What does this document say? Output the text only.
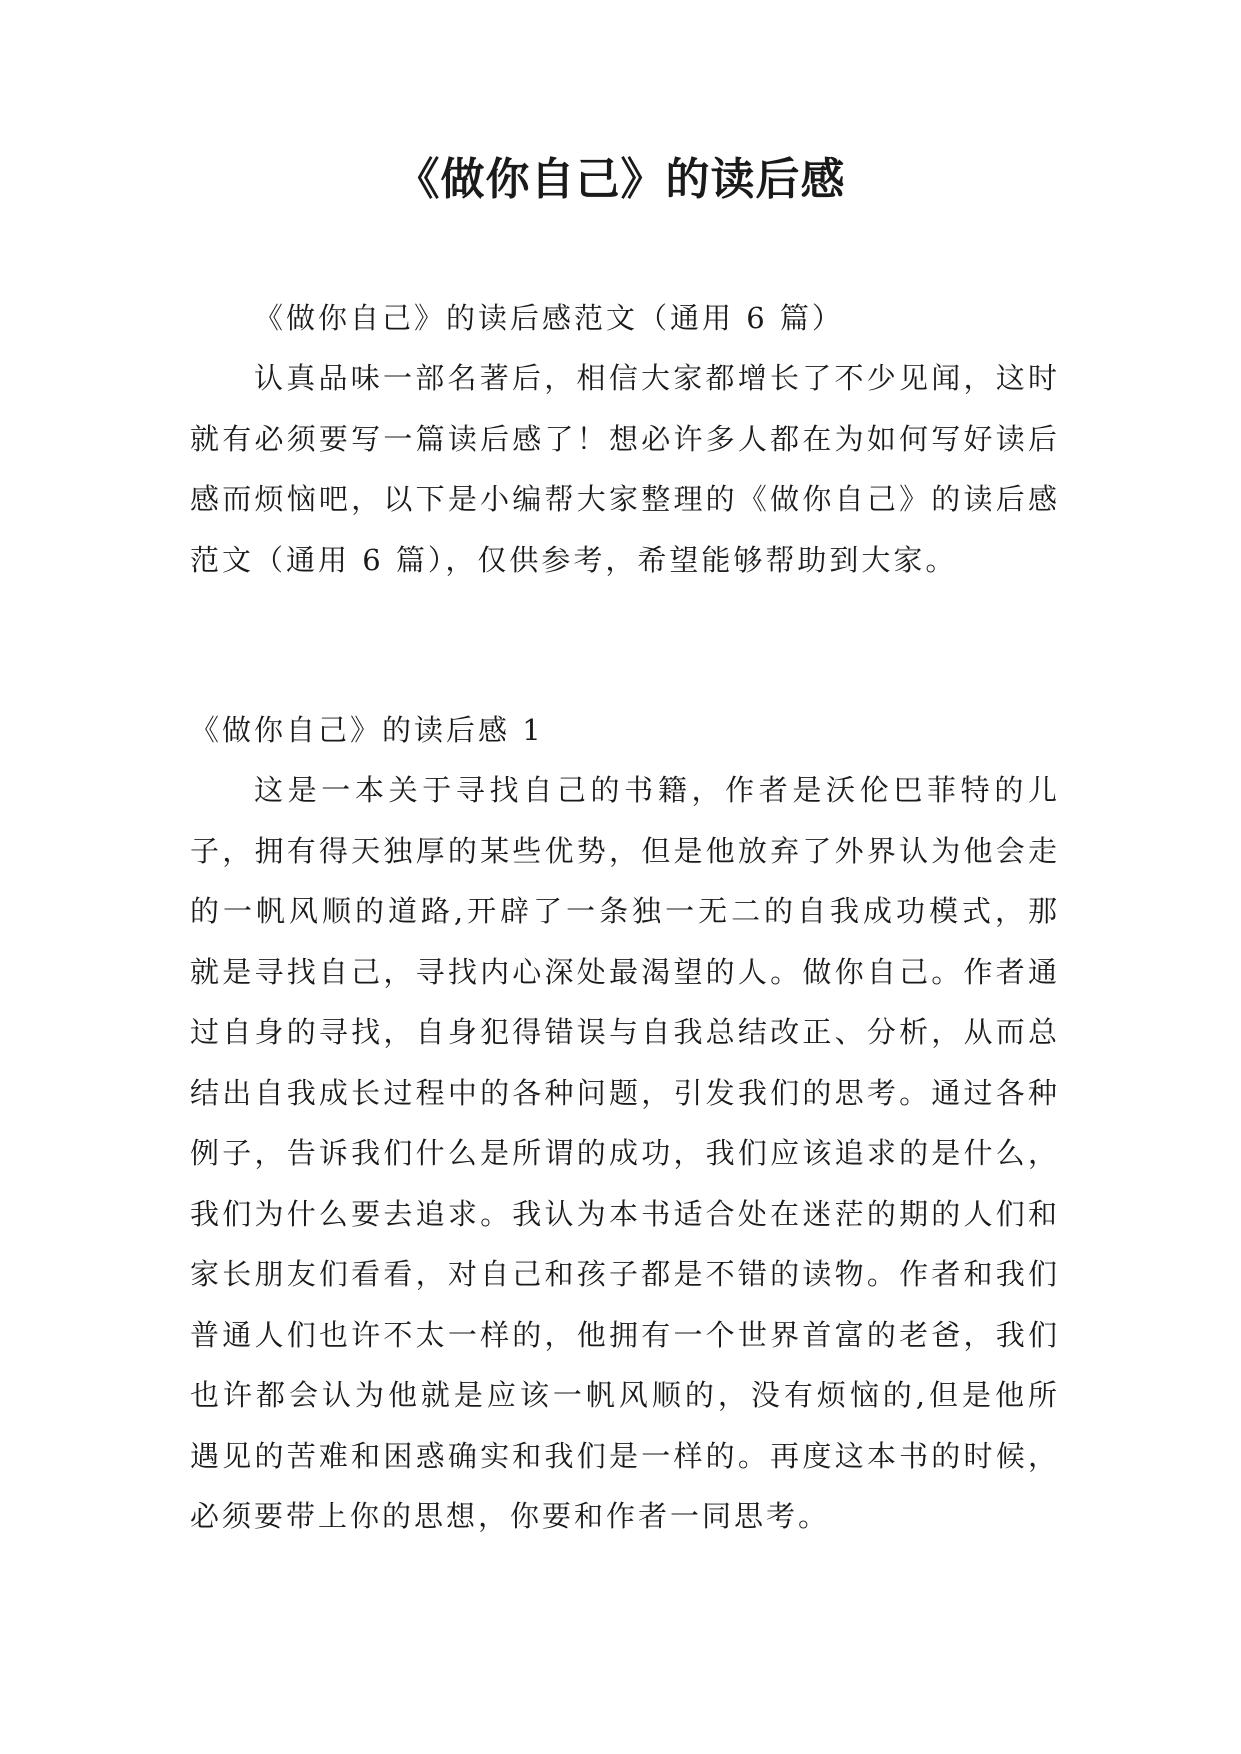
《做你自己》的读后感

《做你自己》的读后感范文（通用 6 篇）

认真品味一部名著后，相信大家都增长了不少见闻，这时就有必须要写一篇读后感了！想必许多人都在为如何写好读后感而烦恼吧，以下是小编帮大家整理的《做你自己》的读后感范文（通用 6 篇），仅供参考，希望能够帮助到大家。

《做你自己》的读后感 1

这是一本关于寻找自己的书籍，作者是沃伦巴菲特的儿子，拥有得天独厚的某些优势，但是他放弃了外界认为他会走的一帆风顺的道路,开辟了一条独一无二的自我成功模式，那就是寻找自己，寻找内心深处最渴望的人。做你自己。作者通过自身的寻找，自身犯得错误与自我总结改正、分析，从而总结出自我成长过程中的各种问题，引发我们的思考。通过各种例子，告诉我们什么是所谓的成功，我们应该追求的是什么，我们为什么要去追求。我认为本书适合处在迷茫的期的人们和家长朋友们看看，对自己和孩子都是不错的读物。作者和我们普通人们也许不太一样的，他拥有一个世界首富的老爸，我们也许都会认为他就是应该一帆风顺的，没有烦恼的,但是他所遇见的苦难和困惑确实和我们是一样的。再度这本书的时候，必须要带上你的思想，你要和作者一同思考。
